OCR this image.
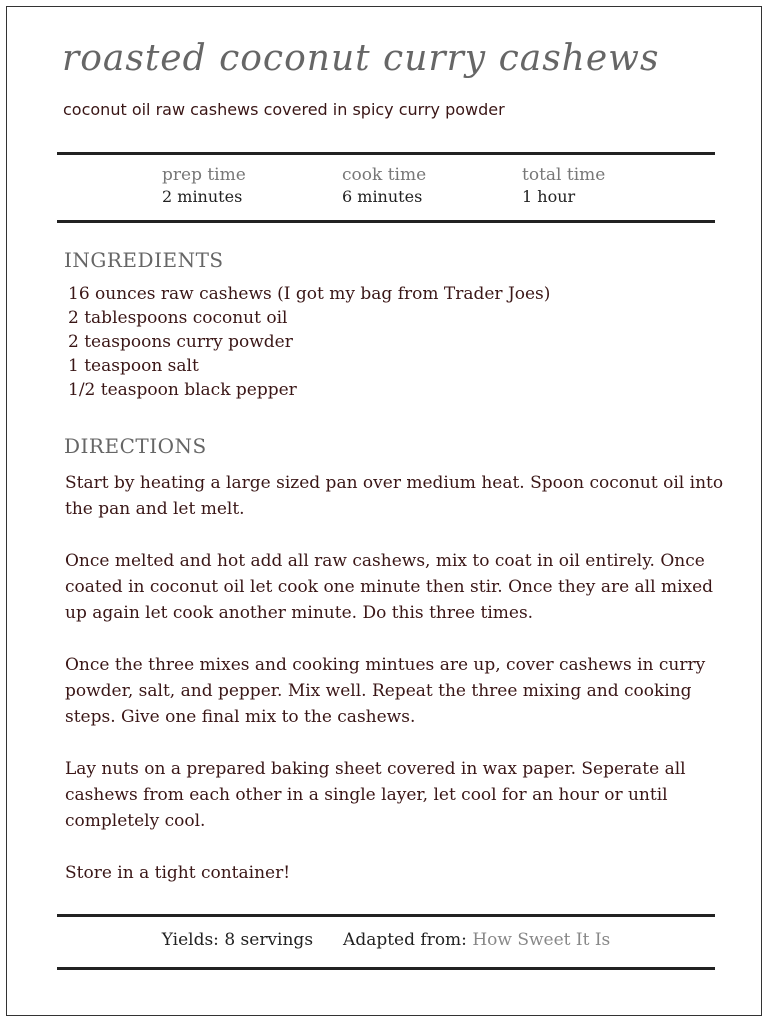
roasted coconut curry cashews

coconut oil raw cashews covered in spicy curry powder

prep time
2 minutes
cook time
6 minutes
total time
1 hour
INGREDIENTS
16 ounces raw cashews (I got my bag from Trader Joes)
2 tablespoons coconut oil
2 teaspoons curry powder
1 teaspoon salt
1/2 teaspoon black pepper
DIRECTIONS

Start by heating a large sized pan over medium heat. Spoon coconut oil into the pan and let melt.

Once melted and hot add all raw cashews, mix to coat in oil entirely. Once coated in coconut oil let cook one minute then stir. Once they are all mixed up again let cook another minute. Do this three times.

Once the three mixes and cooking mintues are up, cover cashews in curry powder, salt, and pepper. Mix well. Repeat the three mixing and cooking steps. Give one final mix to the cashews.

Lay nuts on a prepared baking sheet covered in wax paper. Seperate all cashews from each other in a single layer, let cool for an hour or until completely cool.

Store in a tight container!

Yields: 8 servings Adapted from: How Sweet It Is
